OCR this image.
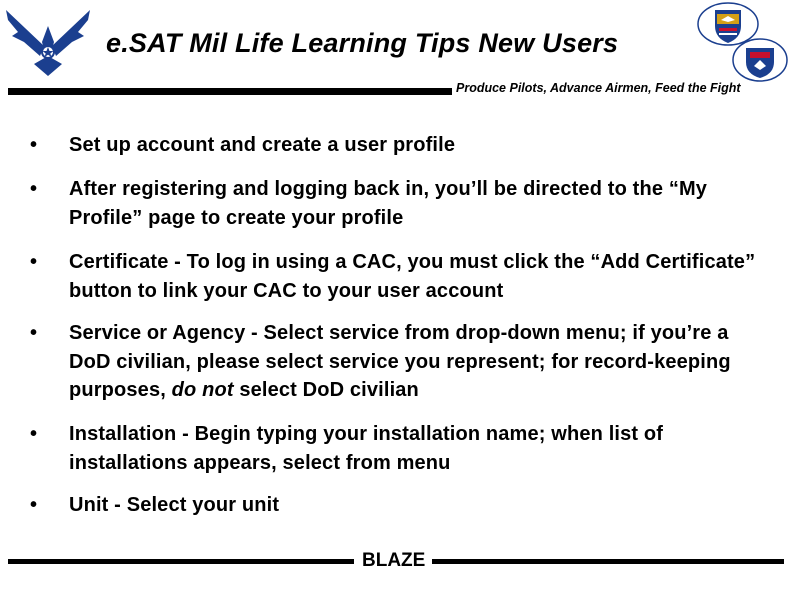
e.SAT Mil Life Learning Tips New Users
Produce Pilots, Advance Airmen, Feed the Fight
• Set up account and create a user profile
• After registering and logging back in, you’ll be directed to the “My Profile” page to create your profile
• Certificate - To log in using a CAC, you must click the “Add Certificate” button to link your CAC to your user account
• Service or Agency - Select service from drop-down menu; if you’re a DoD civilian, please select service you represent; for record-keeping purposes, do not select DoD civilian
• Installation - Begin typing your installation name; when list of installations appears, select from menu
• Unit - Select your unit
BLAZE
